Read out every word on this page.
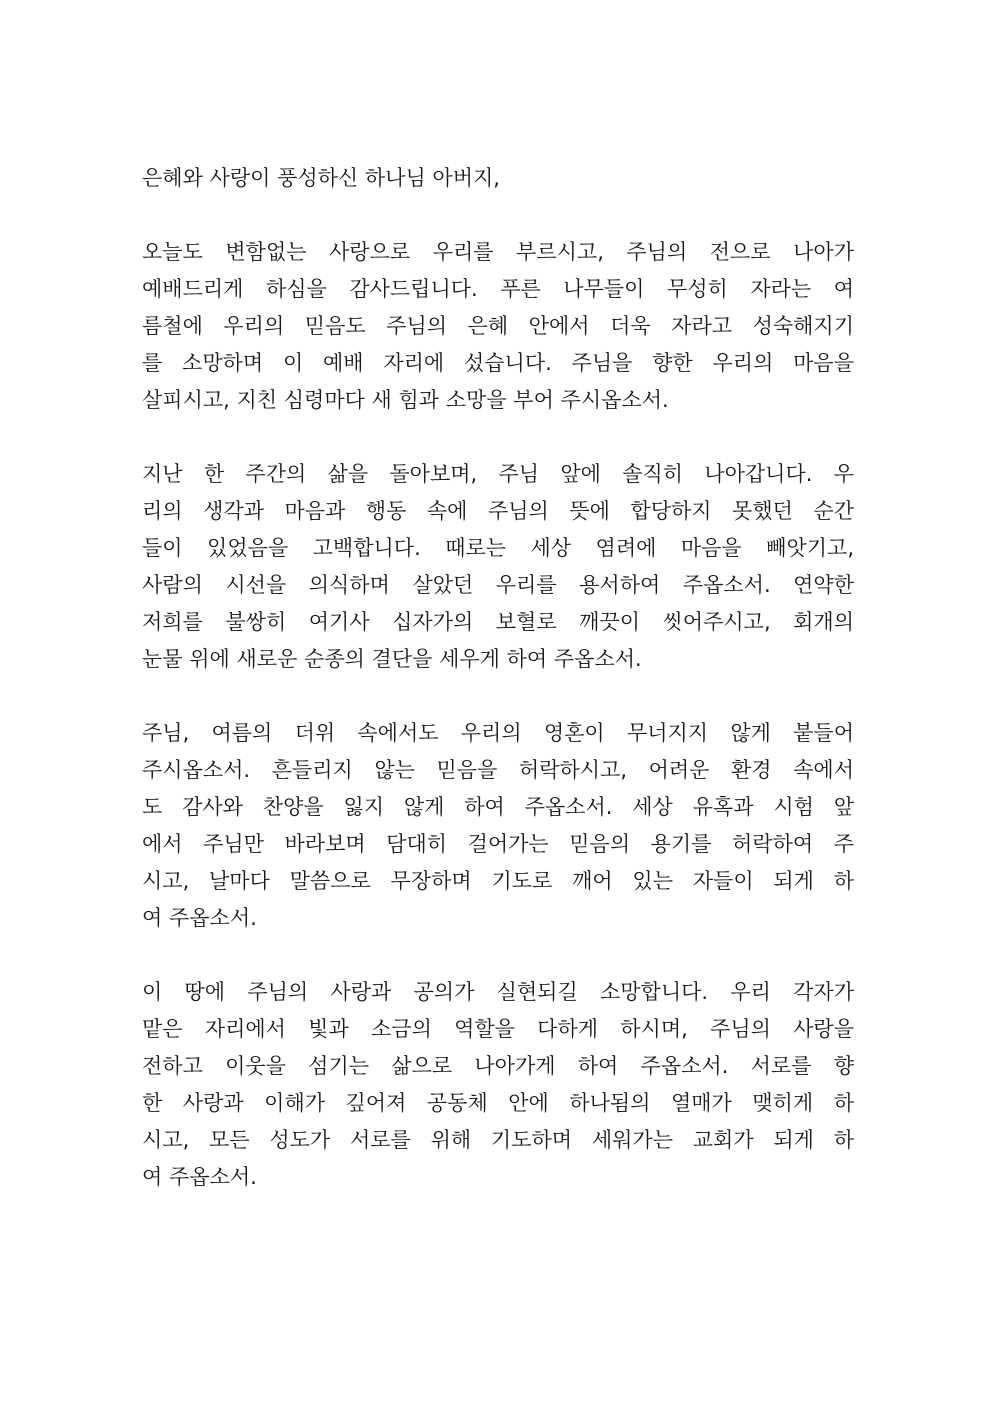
은혜와 사랑이 풍성하신 하나님 아버지,
오늘도 변함없는 사랑으로 우리를 부르시고, 주님의 전으로 나아가
예배드리게 하심을 감사드립니다. 푸른 나무들이 무성히 자라는 여
름철에 우리의 믿음도 주님의 은혜 안에서 더욱 자라고 성숙해지기
를 소망하며 이 예배 자리에 섰습니다. 주님을 향한 우리의 마음을
살피시고, 지친 심령마다 새 힘과 소망을 부어 주시옵소서.
지난 한 주간의 삶을 돌아보며, 주님 앞에 솔직히 나아갑니다. 우
리의 생각과 마음과 행동 속에 주님의 뜻에 합당하지 못했던 순간
들이 있었음을 고백합니다. 때로는 세상 염려에 마음을 빼앗기고,
사람의 시선을 의식하며 살았던 우리를 용서하여 주옵소서. 연약한
저희를 불쌍히 여기사 십자가의 보혈로 깨끗이 씻어주시고, 회개의
눈물 위에 새로운 순종의 결단을 세우게 하여 주옵소서.
주님, 여름의 더위 속에서도 우리의 영혼이 무너지지 않게 붙들어
주시옵소서. 흔들리지 않는 믿음을 허락하시고, 어려운 환경 속에서
도 감사와 찬양을 잃지 않게 하여 주옵소서. 세상 유혹과 시험 앞
에서 주님만 바라보며 담대히 걸어가는 믿음의 용기를 허락하여 주
시고, 날마다 말씀으로 무장하며 기도로 깨어 있는 자들이 되게 하
여 주옵소서.
이 땅에 주님의 사랑과 공의가 실현되길 소망합니다. 우리 각자가
맡은 자리에서 빛과 소금의 역할을 다하게 하시며, 주님의 사랑을
전하고 이웃을 섬기는 삶으로 나아가게 하여 주옵소서. 서로를 향
한 사랑과 이해가 깊어져 공동체 안에 하나됨의 열매가 맺히게 하
시고, 모든 성도가 서로를 위해 기도하며 세워가는 교회가 되게 하
여 주옵소서.
